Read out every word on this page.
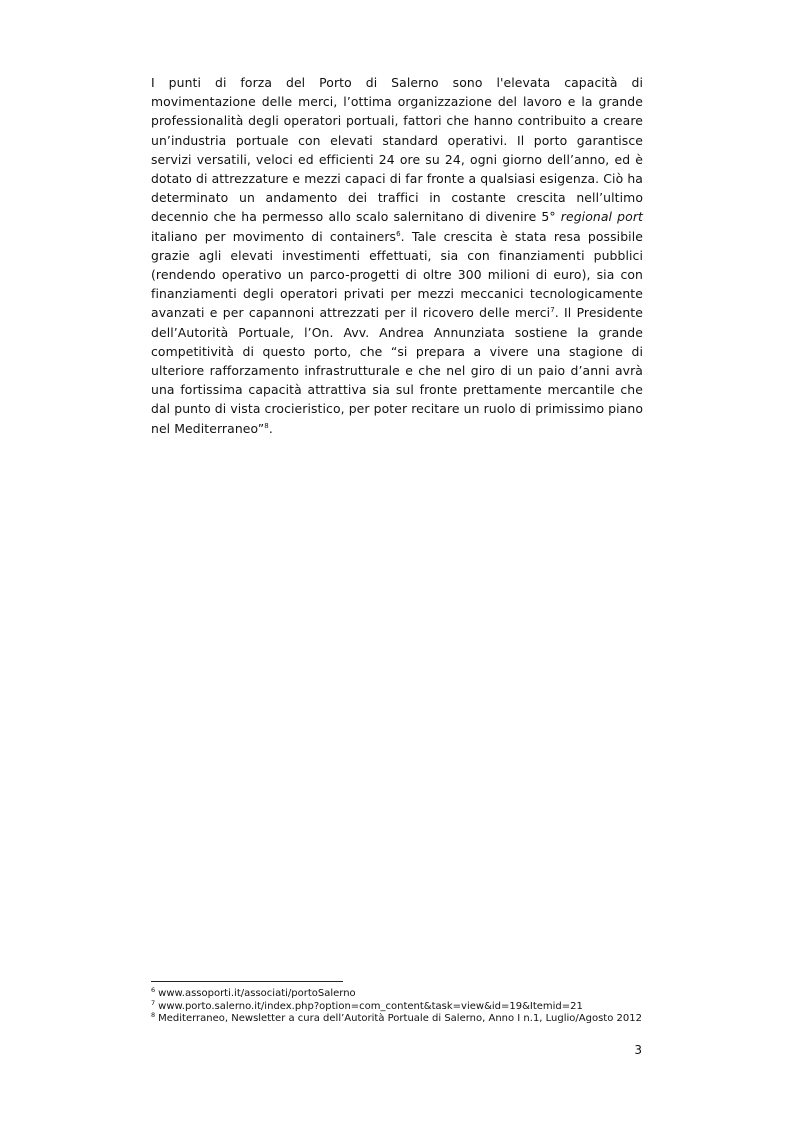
I punti di forza del Porto di Salerno sono l'elevata capacità di movimentazione delle merci, l’ottima organizzazione del lavoro e la grande professionalità degli operatori portuali, fattori che hanno contribuito a creare un’industria portuale con elevati standard operativi. Il porto garantisce servizi versatili, veloci ed efficienti 24 ore su 24, ogni giorno dell’anno, ed è dotato di attrezzature e mezzi capaci di far fronte a qualsiasi esigenza. Ciò ha determinato un andamento dei traffici in costante crescita nell’ultimo decennio che ha permesso allo scalo salernitano di divenire 5° regional port italiano per movimento di containers$^6$. Tale crescita è stata resa possibile grazie agli elevati investimenti effettuati, sia con finanziamenti pubblici (rendendo operativo un parco-progetti di oltre 300 milioni di euro), sia con finanziamenti degli operatori privati per mezzi meccanici tecnologicamente avanzati e per capannoni attrezzati per il ricovero delle merci$^7$. Il Presidente dell’Autorità Portuale, l’On. Avv. Andrea Annunziata sostiene la grande competitività di questo porto, che “si prepara a vivere una stagione di ulteriore rafforzamento infrastrutturale e che nel giro di un paio d’anni avrà una fortissima capacità attrattiva sia sul fronte prettamente mercantile che dal punto di vista crocieristico, per poter recitare un ruolo di primissimo piano nel Mediterraneo”$^8$.

$^6$ www.assoporti.it/associati/portoSalerno

$^7$ www.porto.salerno.it/index.php?option=com_content&task=view&id=19&Itemid=21

$^8$ Mediterraneo, Newsletter a cura dell’Autorità Portuale di Salerno, Anno I n.1, Luglio/Agosto 2012

3
